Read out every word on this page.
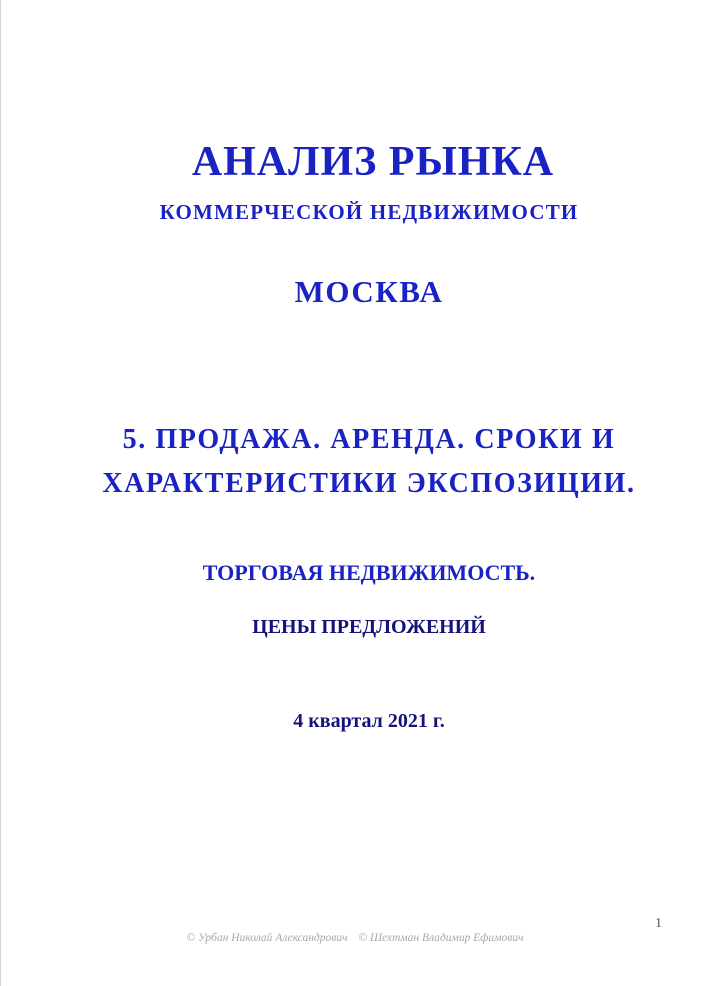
АНАЛИЗ РЫНКА
КОММЕРЧЕСКОЙ НЕДВИЖИМОСТИ
МОСКВА
5. ПРОДАЖА. АРЕНДА. СРОКИ И
ХАРАКТЕРИСТИКИ ЭКСПОЗИЦИИ.
ТОРГОВАЯ НЕДВИЖИМОСТЬ.
ЦЕНЫ ПРЕДЛОЖЕНИЙ
4 квартал 2021 г.
1
© Урбан Николай Александрович © Шехтман Владимир Ефимович
